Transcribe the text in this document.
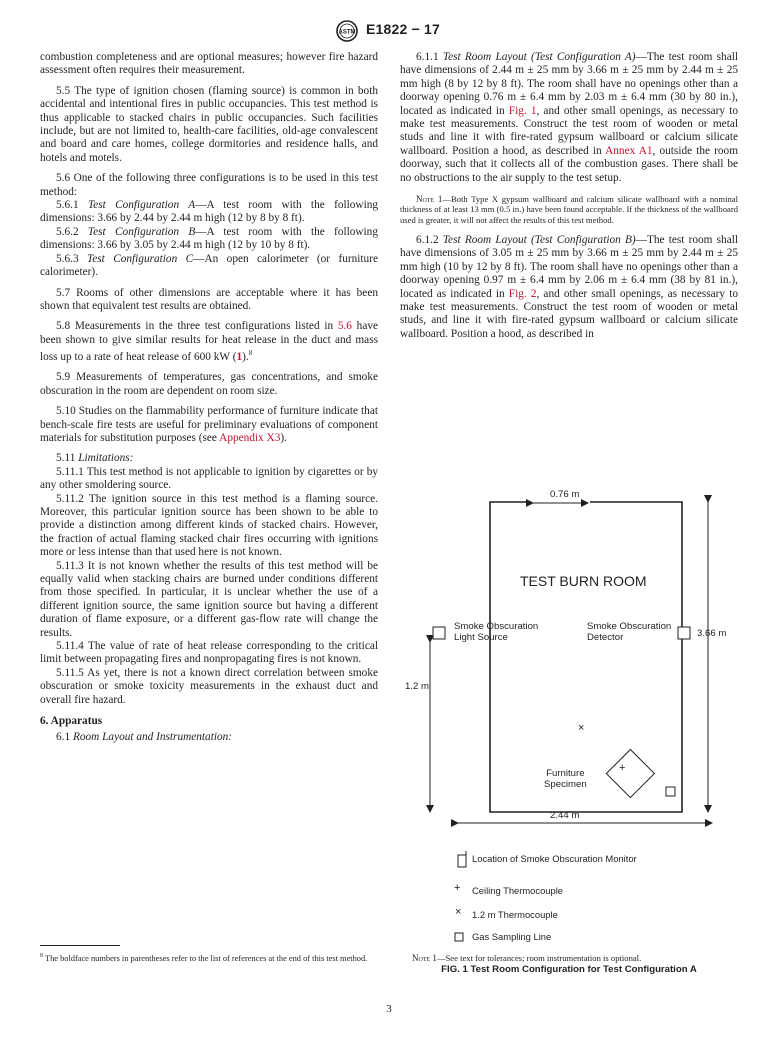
ASTM E1822 − 17

combustion completeness and are optional measures; however fire hazard assessment often requires their measurement.

5.5 The type of ignition chosen (flaming source) is common in both accidental and intentional fires in public occupancies. This test method is thus applicable to stacked chairs in public occupancies. Such facilities include, but are not limited to, health-care facilities, old-age convalescent and board and care homes, college dormitories and residence halls, and hotels and motels.

5.6 One of the following three configurations is to be used in this test method:

5.6.1 Test Configuration A—A test room with the following dimensions: 3.66 by 2.44 by 2.44 m high (12 by 8 by 8 ft).

5.6.2 Test Configuration B—A test room with the following dimensions: 3.66 by 3.05 by 2.44 m high (12 by 10 by 8 ft).

5.6.3 Test Configuration C—An open calorimeter (or furniture calorimeter).

5.7 Rooms of other dimensions are acceptable where it has been shown that equivalent test results are obtained.

5.8 Measurements in the three test configurations listed in 5.6 have been shown to give similar results for heat release in the duct and mass loss up to a rate of heat release of 600 kW (1).$^8$

5.9 Measurements of temperatures, gas concentrations, and smoke obscuration in the room are dependent on room size.

5.10 Studies on the flammability performance of furniture indicate that bench-scale fire tests are useful for preliminary evaluations of component materials for substitution purposes (see Appendix X3).

5.11 Limitations:

5.11.1 This test method is not applicable to ignition by cigarettes or by any other smoldering source.

5.11.2 The ignition source in this test method is a flaming source. Moreover, this particular ignition source has been shown to be able to provide a distinction among different kinds of stacked chairs. However, the fraction of actual flaming stacked chair fires occurring with ignitions more or less intense than that used here is not known.

5.11.3 It is not known whether the results of this test method will be equally valid when stacking chairs are burned under conditions different from those specified. In particular, it is unclear whether the use of a different ignition source, the same ignition source but having a different duration of flame exposure, or a different gas-flow rate will change the results.

5.11.4 The value of rate of heat release corresponding to the critical limit between propagating fires and nonpropagating fires is not known.

5.11.5 As yet, there is not a known direct correlation between smoke obscuration or smoke toxicity measurements in the exhaust duct and overall fire hazard.

6. Apparatus

6.1 Room Layout and Instrumentation:

$^8$ The boldface numbers in parentheses refer to the list of references at the end of this test method.

6.1.1 Test Room Layout (Test Configuration A)—The test room shall have dimensions of 2.44 m ± 25 mm by 3.66 m ± 25 mm by 2.44 m ± 25 mm high (8 by 12 by 8 ft). The room shall have no openings other than a doorway opening 0.76 m ± 6.4 mm by 2.03 m ± 6.4 mm (30 by 80 in.), located as indicated in Fig. 1, and other small openings, as necessary to make test measurements. Construct the test room of wooden or metal studs and line it with fire-rated gypsum wallboard or calcium silicate wallboard. Position a hood, as described in Annex A1, outside the room doorway, such that it collects all of the combustion gases. There shall be no obstructions to the air supply to the test setup.

Note 1—Both Type X gypsum wallboard and calcium silicate wallboard with a nominal thickness of at least 13 mm (0.5 in.) have been found acceptable. If the thickness of the wallboard used is greater, it will not affect the results of this test method.

6.1.2 Test Room Layout (Test Configuration B)—The test room shall have dimensions of 3.05 m ± 25 mm by 3.66 m ± 25 mm by 2.44 m ± 25 mm high (10 by 12 by 8 ft). The room shall have no openings other than a doorway opening 0.97 m ± 6.4 mm by 2.06 m ± 6.4 mm (38 by 81 in.), located as indicated in Fig. 2, and other small openings, as necessary to make test measurements. Construct the test room of wooden or metal studs, and line it with fire-rated gypsum wallboard or calcium silicate wallboard. Position a hood, as described in

0.76 m
TEST BURN ROOM
Smoke Obscuration
Light Source
Smoke Obscuration
Detector	3.66 m
1.2 m
×
+
Furniture
Specimen
2.44 m
Location of Smoke Obscuration Monitor
+ Ceiling Thermocouple
× 1.2 m Thermocouple
Gas Sampling Line
Note 1—See text for tolerances; room instrumentation is optional.
FIG. 1 Test Room Configuration for Test Configuration A
3
